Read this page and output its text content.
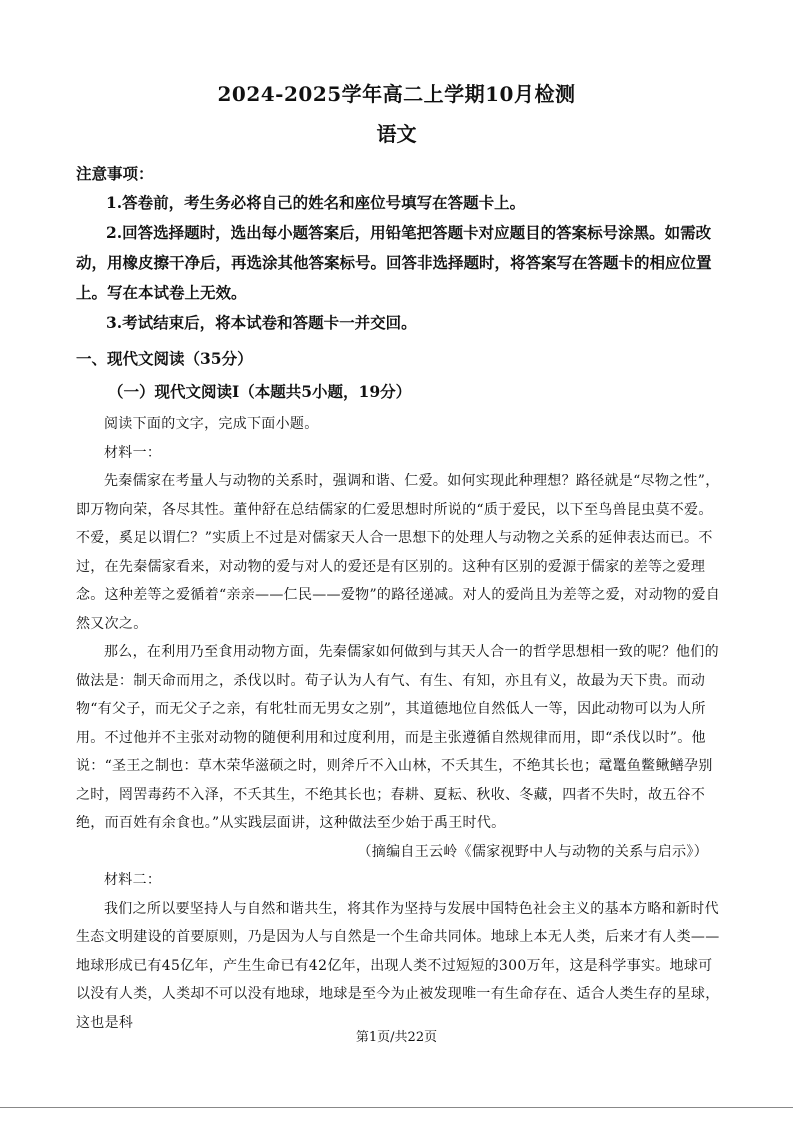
2024-2025学年高二上学期10月检测
语文
注意事项：

1.答卷前，考生务必将自己的姓名和座位号填写在答题卡上。

2.回答选择题时，选出每小题答案后，用铅笔把答题卡对应题目的答案标号涂黑。如需改动，用橡皮擦干净后，再选涂其他答案标号。回答非选择题时，将答案写在答题卡的相应位置上。写在本试卷上无效。

3.考试结束后，将本试卷和答题卡一并交回。

一、现代文阅读（35分）
（一）现代文阅读Ⅰ（本题共5小题，19分）

阅读下面的文字，完成下面小题。

材料一：

先秦儒家在考量人与动物的关系时，强调和谐、仁爱。如何实现此种理想？路径就是“尽物之性”，即万物向荣，各尽其性。董仲舒在总结儒家的仁爱思想时所说的“质于爱民，以下至鸟兽昆虫莫不爱。不爱，奚足以谓仁？”实质上不过是对儒家天人合一思想下的处理人与动物之关系的延伸表达而已。不过，在先秦儒家看来，对动物的爱与对人的爱还是有区别的。这种有区别的爱源于儒家的差等之爱理念。这种差等之爱循着“亲亲——仁民——爱物”的路径递减。对人的爱尚且为差等之爱，对动物的爱自然又次之。

那么，在利用乃至食用动物方面，先秦儒家如何做到与其天人合一的哲学思想相一致的呢？他们的做法是：制天命而用之，杀伐以时。荀子认为人有气、有生、有知，亦且有义，故最为天下贵。而动物“有父子，而无父子之亲，有牝牡而无男女之别”，其道德地位自然低人一等，因此动物可以为人所用。不过他并不主张对动物的随便利用和过度利用，而是主张遵循自然规律而用，即“杀伐以时”。他说：“圣王之制也：草木荣华滋硕之时，则斧斤不入山林，不夭其生，不绝其长也；鼋鼍鱼鳖鳅鳝孕别之时，罔罟毒药不入泽，不夭其生，不绝其长也；春耕、夏耘、秋收、冬藏，四者不失时，故五谷不绝，而百姓有余食也。”从实践层面讲，这种做法至少始于禹王时代。

（摘编自王云岭《儒家视野中人与动物的关系与启示》）

材料二：

我们之所以要坚持人与自然和谐共生，将其作为坚持与发展中国特色社会主义的基本方略和新时代生态文明建设的首要原则，乃是因为人与自然是一个生命共同体。地球上本无人类，后来才有人类——地球形成已有45亿年，产生生命已有42亿年，出现人类不过短短的300万年，这是科学事实。地球可以没有人类，人类却不可以没有地球，地球是至今为止被发现唯一有生命存在、适合人类生存的星球，这也是科

第1页/共22页
